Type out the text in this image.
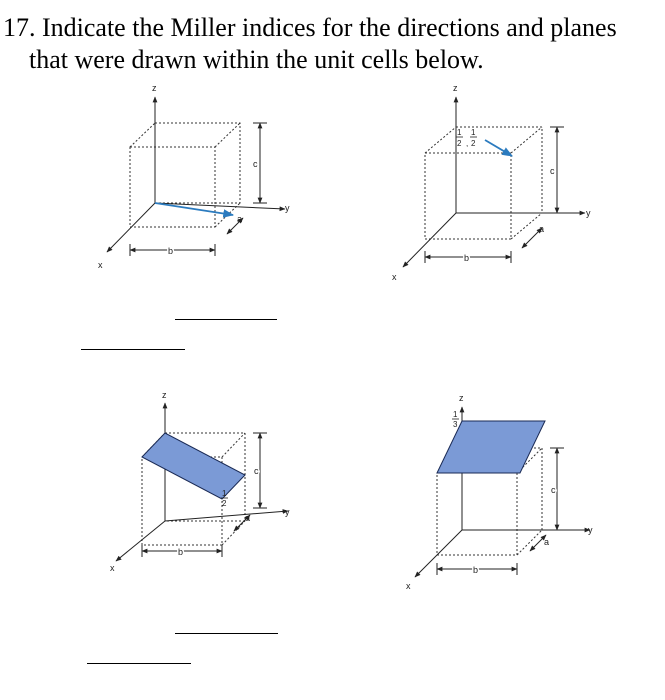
17. Indicate the Miller indices for the directions and planes
that were drawn within the unit cells below.
z
y
x
a
b
c
1
2 ,
1
2
z
y
x
a
b
c
1
2
z
y
x
a
b
c
1
3
z
y
x
a
b
c
